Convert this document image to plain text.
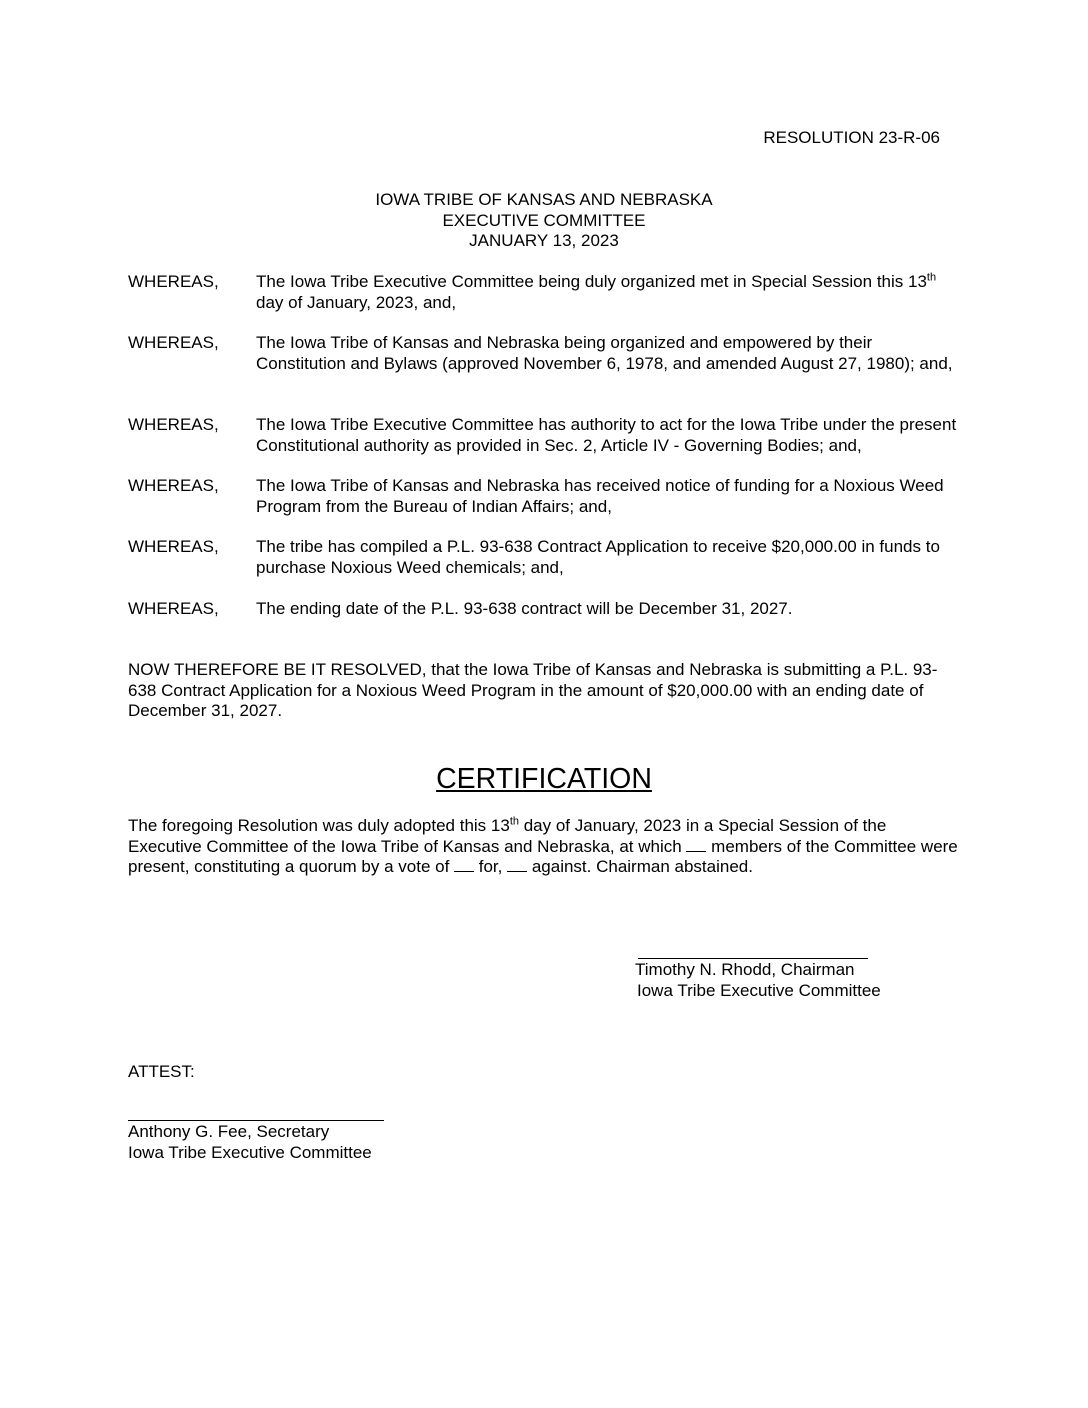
RESOLUTION 23-R-06
IOWA TRIBE OF KANSAS AND NEBRASKA
EXECUTIVE COMMITTEE
JANUARY 13, 2023
WHEREAS, The Iowa Tribe Executive Committee being duly organized met in Special Session this 13th day of January, 2023, and,
WHEREAS, The Iowa Tribe of Kansas and Nebraska being organized and empowered by their Constitution and Bylaws (approved November 6, 1978, and amended August 27, 1980); and,
WHEREAS, The Iowa Tribe Executive Committee has authority to act for the Iowa Tribe under the present Constitutional authority as provided in Sec. 2, Article IV - Governing Bodies; and,
WHEREAS, The Iowa Tribe of Kansas and Nebraska has received notice of funding for a Noxious Weed Program from the Bureau of Indian Affairs; and,
WHEREAS, The tribe has compiled a P.L. 93-638 Contract Application to receive $20,000.00 in funds to purchase Noxious Weed chemicals; and,
WHEREAS, The ending date of the P.L. 93-638 contract will be December 31, 2027.
NOW THEREFORE BE IT RESOLVED, that the Iowa Tribe of Kansas and Nebraska is submitting a P.L. 93-638 Contract Application for a Noxious Weed Program in the amount of $20,000.00 with an ending date of December 31, 2027.
CERTIFICATION
The foregoing Resolution was duly adopted this 13th day of January, 2023 in a Special Session of the Executive Committee of the Iowa Tribe of Kansas and Nebraska, at which  members of the Committee were present, constituting a quorum by a vote of  for,  against. Chairman abstained.
Timothy N. Rhodd, Chairman
Iowa Tribe Executive Committee
ATTEST:
Anthony G. Fee, Secretary
Iowa Tribe Executive Committee
